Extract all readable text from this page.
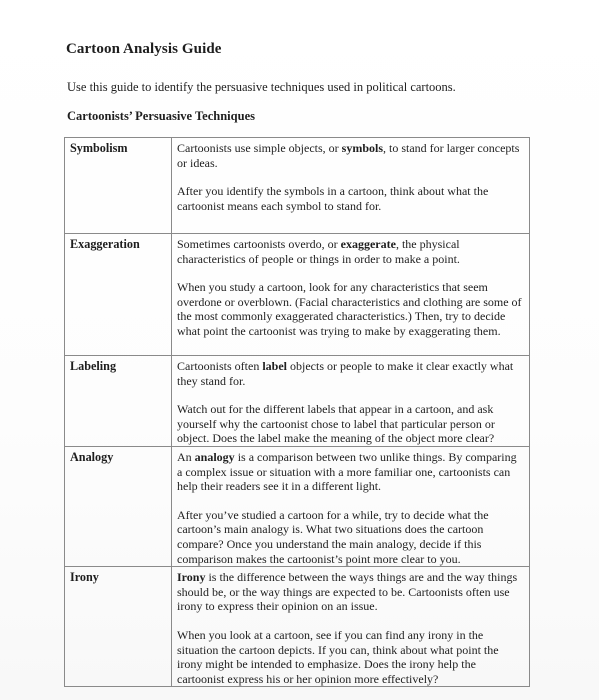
Cartoon Analysis Guide
Use this guide to identify the persuasive techniques used in political cartoons.
Cartoonists’ Persuasive Techniques
Symbolism	Cartoonists use simple objects, or symbols, to stand for larger concepts or ideas.

After you identify the symbols in a cartoon, think about what the cartoonist means each symbol to stand for.

Exaggeration	Sometimes cartoonists overdo, or exaggerate, the physical characteristics of people or things in order to make a point.

When you study a cartoon, look for any characteristics that seem overdone or overblown. (Facial characteristics and clothing are some of the most commonly exaggerated characteristics.) Then, try to decide what point the cartoonist was trying to make by exaggerating them.

Labeling	Cartoonists often label objects or people to make it clear exactly what they stand for.

Watch out for the different labels that appear in a cartoon, and ask yourself why the cartoonist chose to label that particular person or object. Does the label make the meaning of the object more clear?

Analogy	An analogy is a comparison between two unlike things. By comparing a complex issue or situation with a more familiar one, cartoonists can help their readers see it in a different light.

After you’ve studied a cartoon for a while, try to decide what the cartoon’s main analogy is. What two situations does the cartoon compare? Once you understand the main analogy, decide if this comparison makes the cartoonist’s point more clear to you.

Irony	Irony is the difference between the ways things are and the way things should be, or the way things are expected to be. Cartoonists often use irony to express their opinion on an issue.

When you look at a cartoon, see if you can find any irony in the situation the cartoon depicts. If you can, think about what point the irony might be intended to emphasize. Does the irony help the cartoonist express his or her opinion more effectively?
